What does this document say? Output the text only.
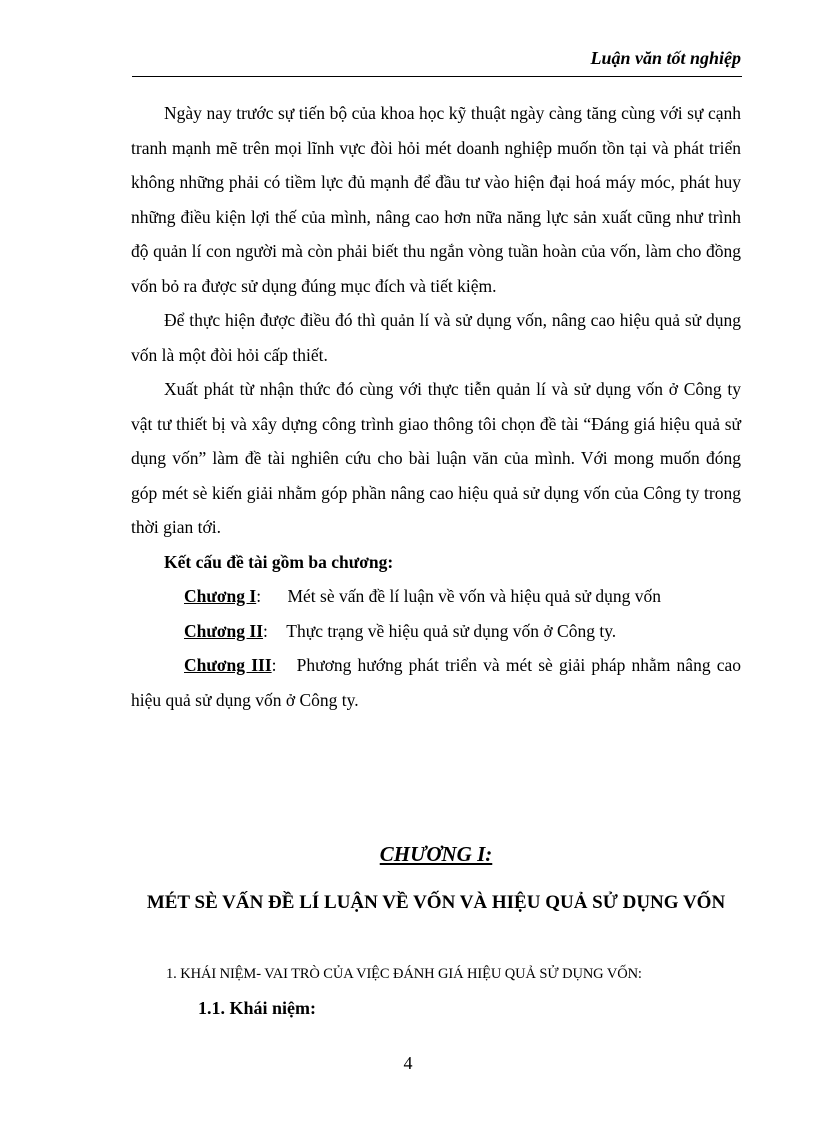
Luận văn tốt nghiệp

Ngày nay trước sự tiến bộ của khoa học kỹ thuật ngày càng tăng cùng với sự cạnh tranh mạnh mẽ trên mọi lĩnh vực đòi hỏi mét doanh nghiệp muốn tồn tại và phát triển không những phải có tiềm lực đủ mạnh để đầu tư vào hiện đại hoá máy móc, phát huy những điều kiện lợi thế của mình, nâng cao hơn nữa năng lực sản xuất cũng như trình độ quản lí con người mà còn phải biết thu ngắn vòng tuần hoàn của vốn, làm cho đồng vốn bỏ ra được sử dụng đúng mục đích và tiết kiệm.

Để thực hiện được điều đó thì quản lí và sử dụng vốn, nâng cao hiệu quả sử dụng vốn là một đòi hỏi cấp thiết.

Xuất phát từ nhận thức đó cùng với thực tiễn quản lí và sử dụng vốn ở Công ty vật tư thiết bị và xây dựng công trình giao thông tôi chọn đề tài “Đáng giá hiệu quả sử dụng vốn” làm đề tài nghiên cứu cho bài luận văn của mình. Với mong muốn đóng góp mét sè kiến giải nhằm góp phần nâng cao hiệu quả sử dụng vốn của Công ty trong thời gian tới.

Kết cấu đề tài gồm ba chương:
Chương I: Mét sè vấn đề lí luận về vốn và hiệu quả sử dụng vốn
Chương II: Thực trạng về hiệu quả sử dụng vốn ở Công ty.
Chương III: Phương hướng phát triển và mét sè giải pháp nhằm nâng cao hiệu quả sử dụng vốn ở Công ty.
CHƯƠNG I:
MÉT SÈ VẤN ĐỀ LÍ LUẬN VỀ VỐN VÀ HIỆU QUẢ SỬ DỤNG VỐN
1. KHÁI NIỆM- VAI TRÒ CỦA VIỆC ĐÁNH GIÁ HIỆU QUẢ SỬ DỤNG VỐN:
1.1. Khái niệm:
4
